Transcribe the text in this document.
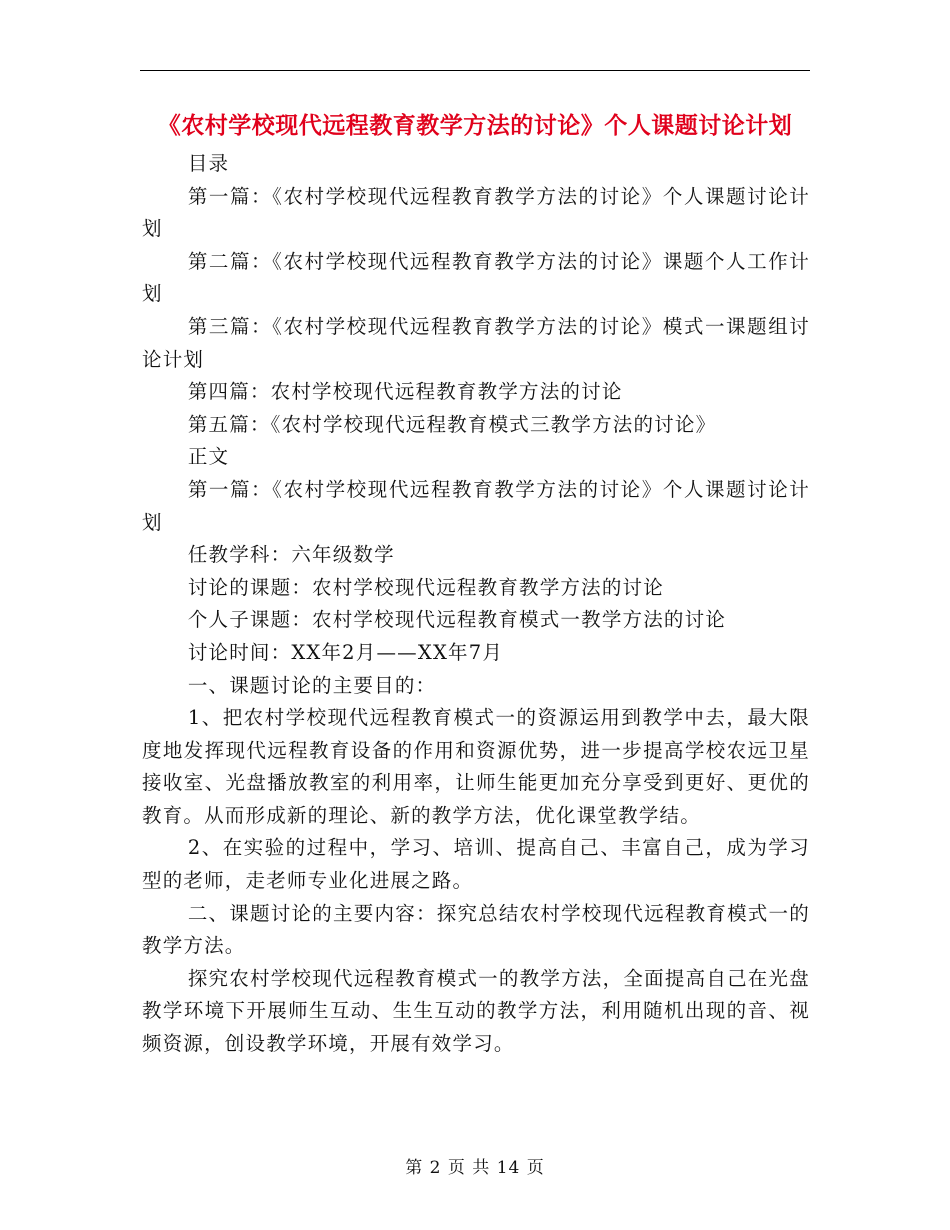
《农村学校现代远程教育教学方法的讨论》个人课题讨论计划

目录

第一篇：《农村学校现代远程教育教学方法的讨论》个人课题讨论计划

第二篇：《农村学校现代远程教育教学方法的讨论》课题个人工作计划

第三篇：《农村学校现代远程教育教学方法的讨论》模式一课题组讨论计划

第四篇：农村学校现代远程教育教学方法的讨论

第五篇：《农村学校现代远程教育模式三教学方法的讨论》

正文

第一篇：《农村学校现代远程教育教学方法的讨论》个人课题讨论计划

任教学科：六年级数学

讨论的课题：农村学校现代远程教育教学方法的讨论

个人子课题：农村学校现代远程教育模式一教学方法的讨论

讨论时间：XX年2月——XX年7月

一、课题讨论的主要目的：

1、把农村学校现代远程教育模式一的资源运用到教学中去，最大限度地发挥现代远程教育设备的作用和资源优势，进一步提高学校农远卫星接收室、光盘播放教室的利用率，让师生能更加充分享受到更好、更优的教育。从而形成新的理论、新的教学方法，优化课堂教学结。

2、在实验的过程中，学习、培训、提高自己、丰富自己，成为学习型的老师，走老师专业化进展之路。

二、课题讨论的主要内容：探究总结农村学校现代远程教育模式一的教学方法。

探究农村学校现代远程教育模式一的教学方法，全面提高自己在光盘教学环境下开展师生互动、生生互动的教学方法，利用随机出现的音、视频资源，创设教学环境，开展有效学习。

第 2 页 共 14 页
